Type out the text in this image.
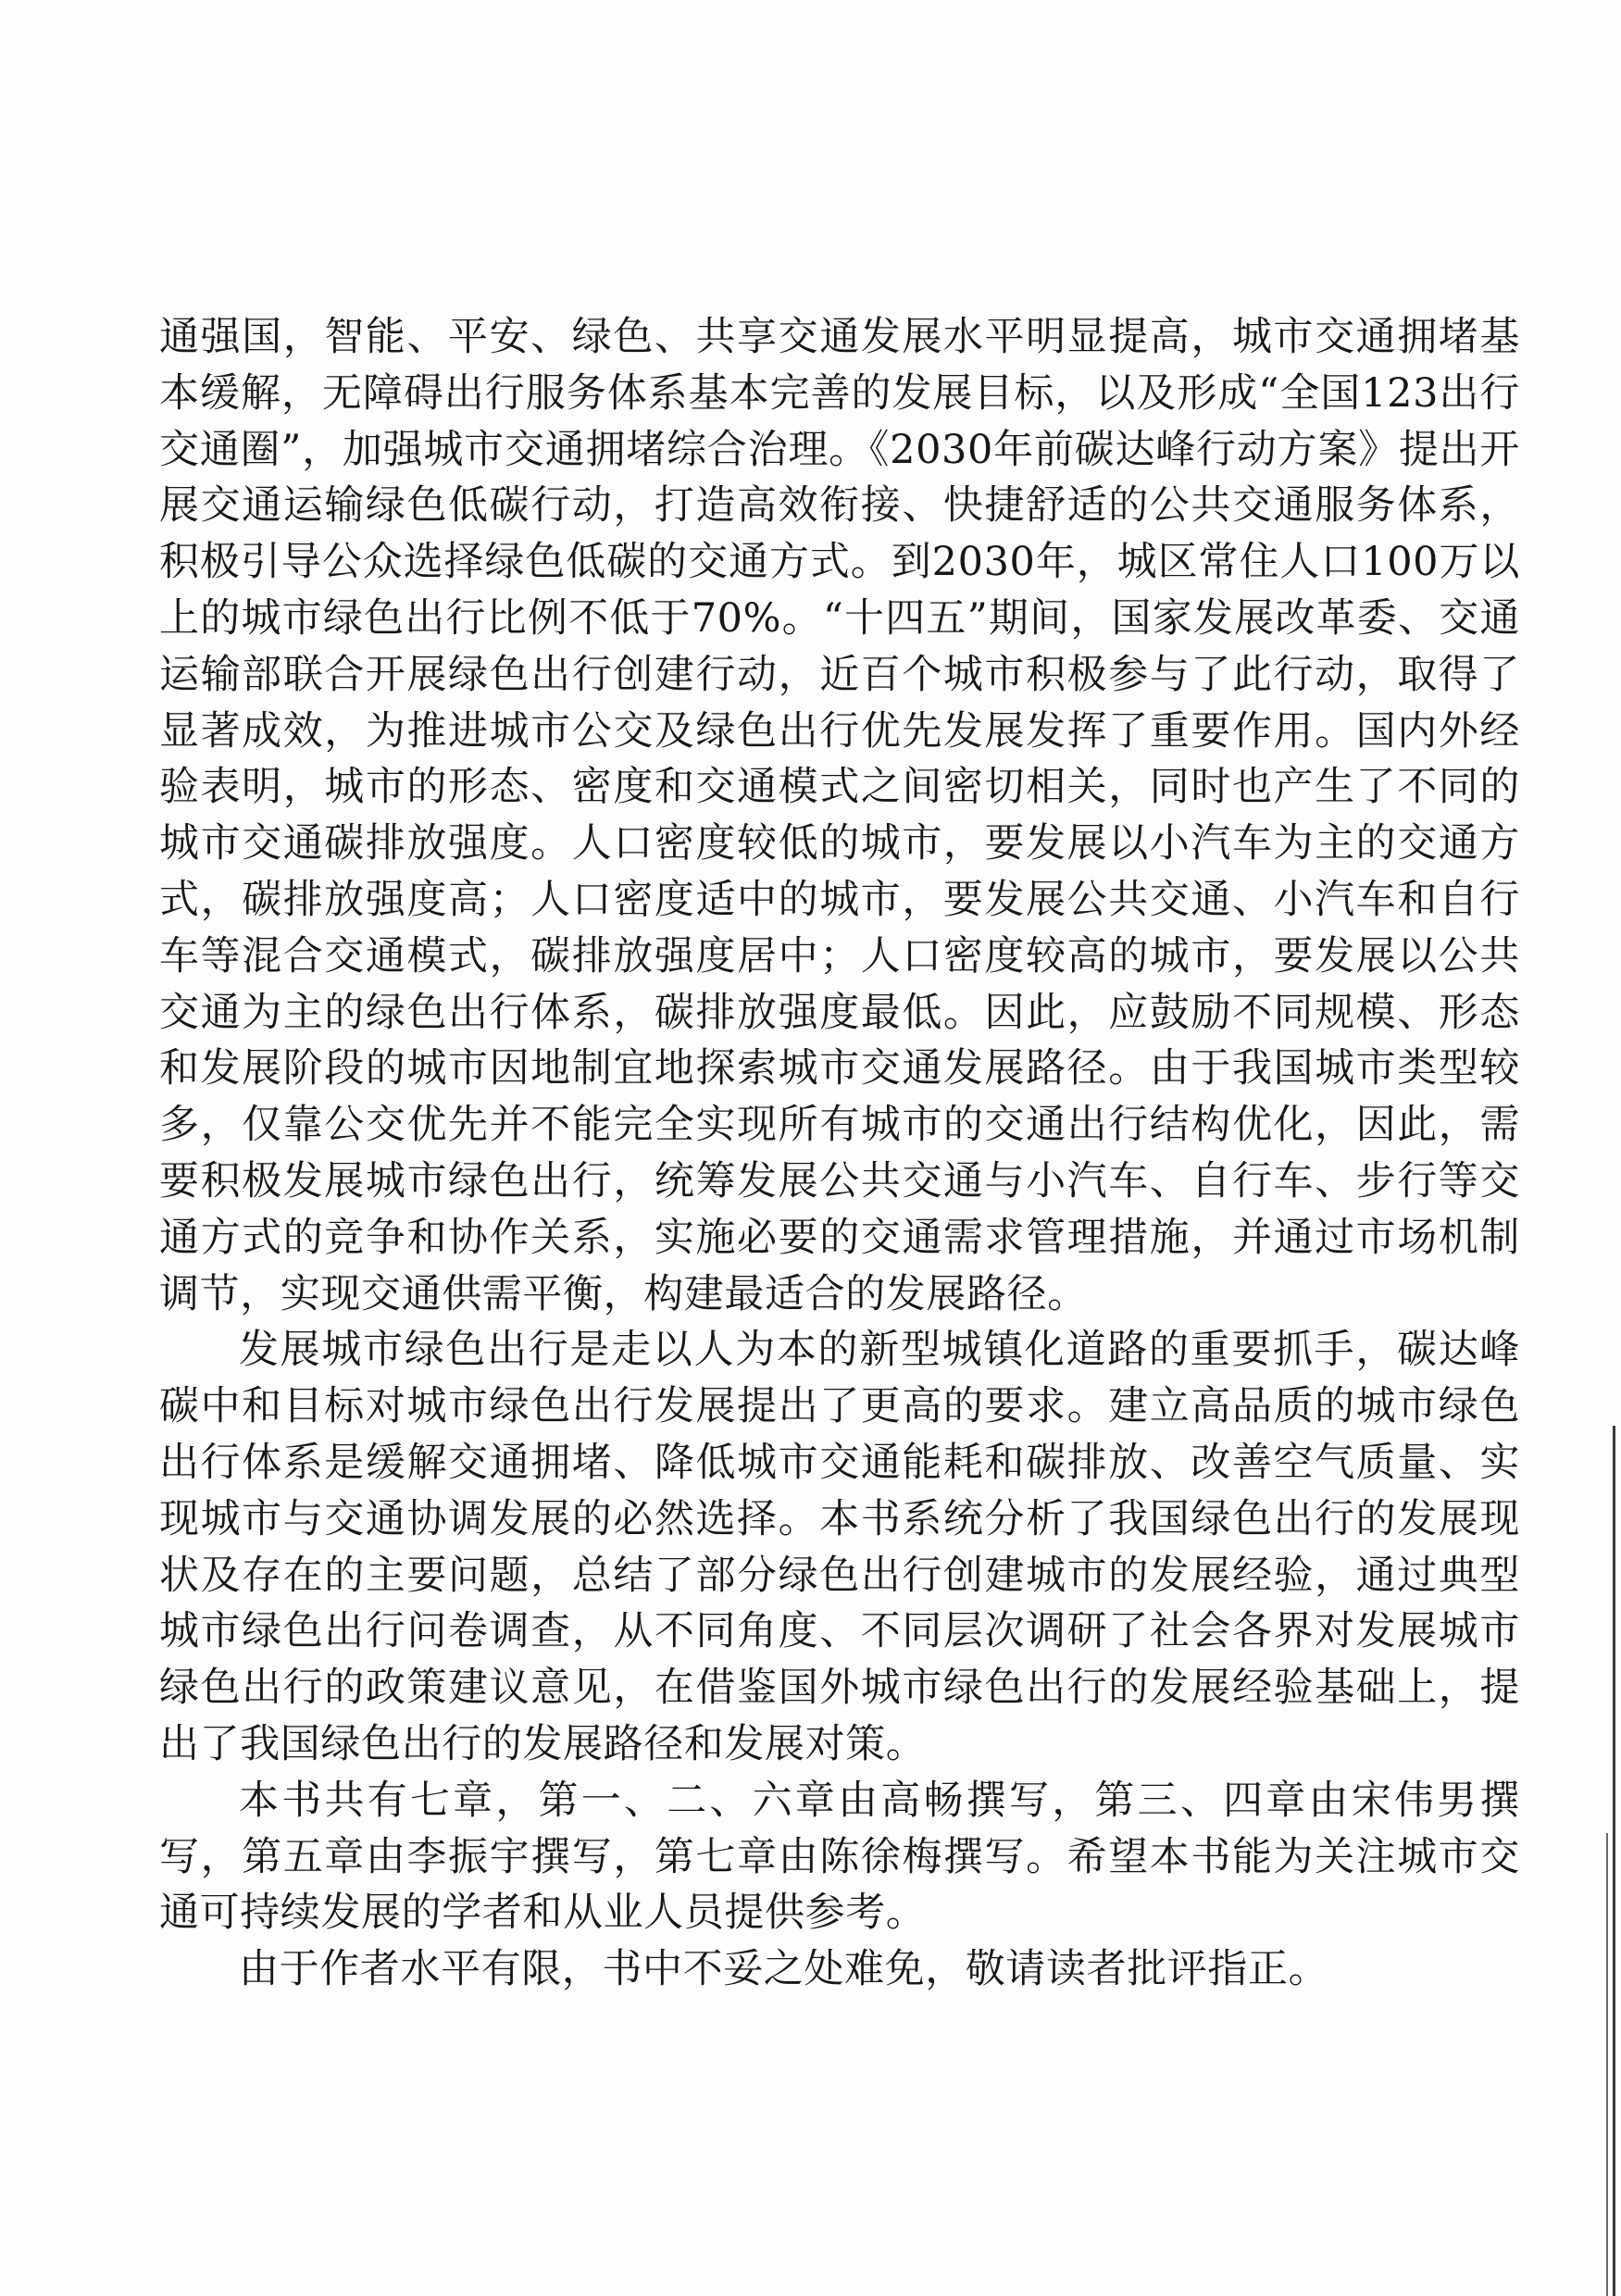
通强国，智能、平安、绿色、共享交通发展水平明显提高，城市交通拥堵基本缓解，无障碍出行服务体系基本完善的发展目标，以及形成“全国123出行交通圈”，加强城市交通拥堵综合治理。《2030年前碳达峰行动方案》提出开展交通运输绿色低碳行动，打造高效衔接、快捷舒适的公共交通服务体系，积极引导公众选择绿色低碳的交通方式。到2030年，城区常住人口100万以上的城市绿色出行比例不低于70%。“十四五”期间，国家发展改革委、交通运输部联合开展绿色出行创建行动，近百个城市积极参与了此行动，取得了显著成效，为推进城市公交及绿色出行优先发展发挥了重要作用。国内外经验表明，城市的形态、密度和交通模式之间密切相关，同时也产生了不同的城市交通碳排放强度。人口密度较低的城市，要发展以小汽车为主的交通方式，碳排放强度高；人口密度适中的城市，要发展公共交通、小汽车和自行车等混合交通模式，碳排放强度居中；人口密度较高的城市，要发展以公共交通为主的绿色出行体系，碳排放强度最低。因此，应鼓励不同规模、形态和发展阶段的城市因地制宜地探索城市交通发展路径。由于我国城市类型较多，仅靠公交优先并不能完全实现所有城市的交通出行结构优化，因此，需要积极发展城市绿色出行，统筹发展公共交通与小汽车、自行车、步行等交通方式的竞争和协作关系，实施必要的交通需求管理措施，并通过市场机制调节，实现交通供需平衡，构建最适合的发展路径。

发展城市绿色出行是走以人为本的新型城镇化道路的重要抓手，碳达峰碳中和目标对城市绿色出行发展提出了更高的要求。建立高品质的城市绿色出行体系是缓解交通拥堵、降低城市交通能耗和碳排放、改善空气质量、实现城市与交通协调发展的必然选择。本书系统分析了我国绿色出行的发展现状及存在的主要问题，总结了部分绿色出行创建城市的发展经验，通过典型城市绿色出行问卷调查，从不同角度、不同层次调研了社会各界对发展城市绿色出行的政策建议意见，在借鉴国外城市绿色出行的发展经验基础上，提出了我国绿色出行的发展路径和发展对策。

本书共有七章，第一、二、六章由高畅撰写，第三、四章由宋伟男撰写，第五章由李振宇撰写，第七章由陈徐梅撰写。希望本书能为关注城市交通可持续发展的学者和从业人员提供参考。

由于作者水平有限，书中不妥之处难免，敬请读者批评指正。
